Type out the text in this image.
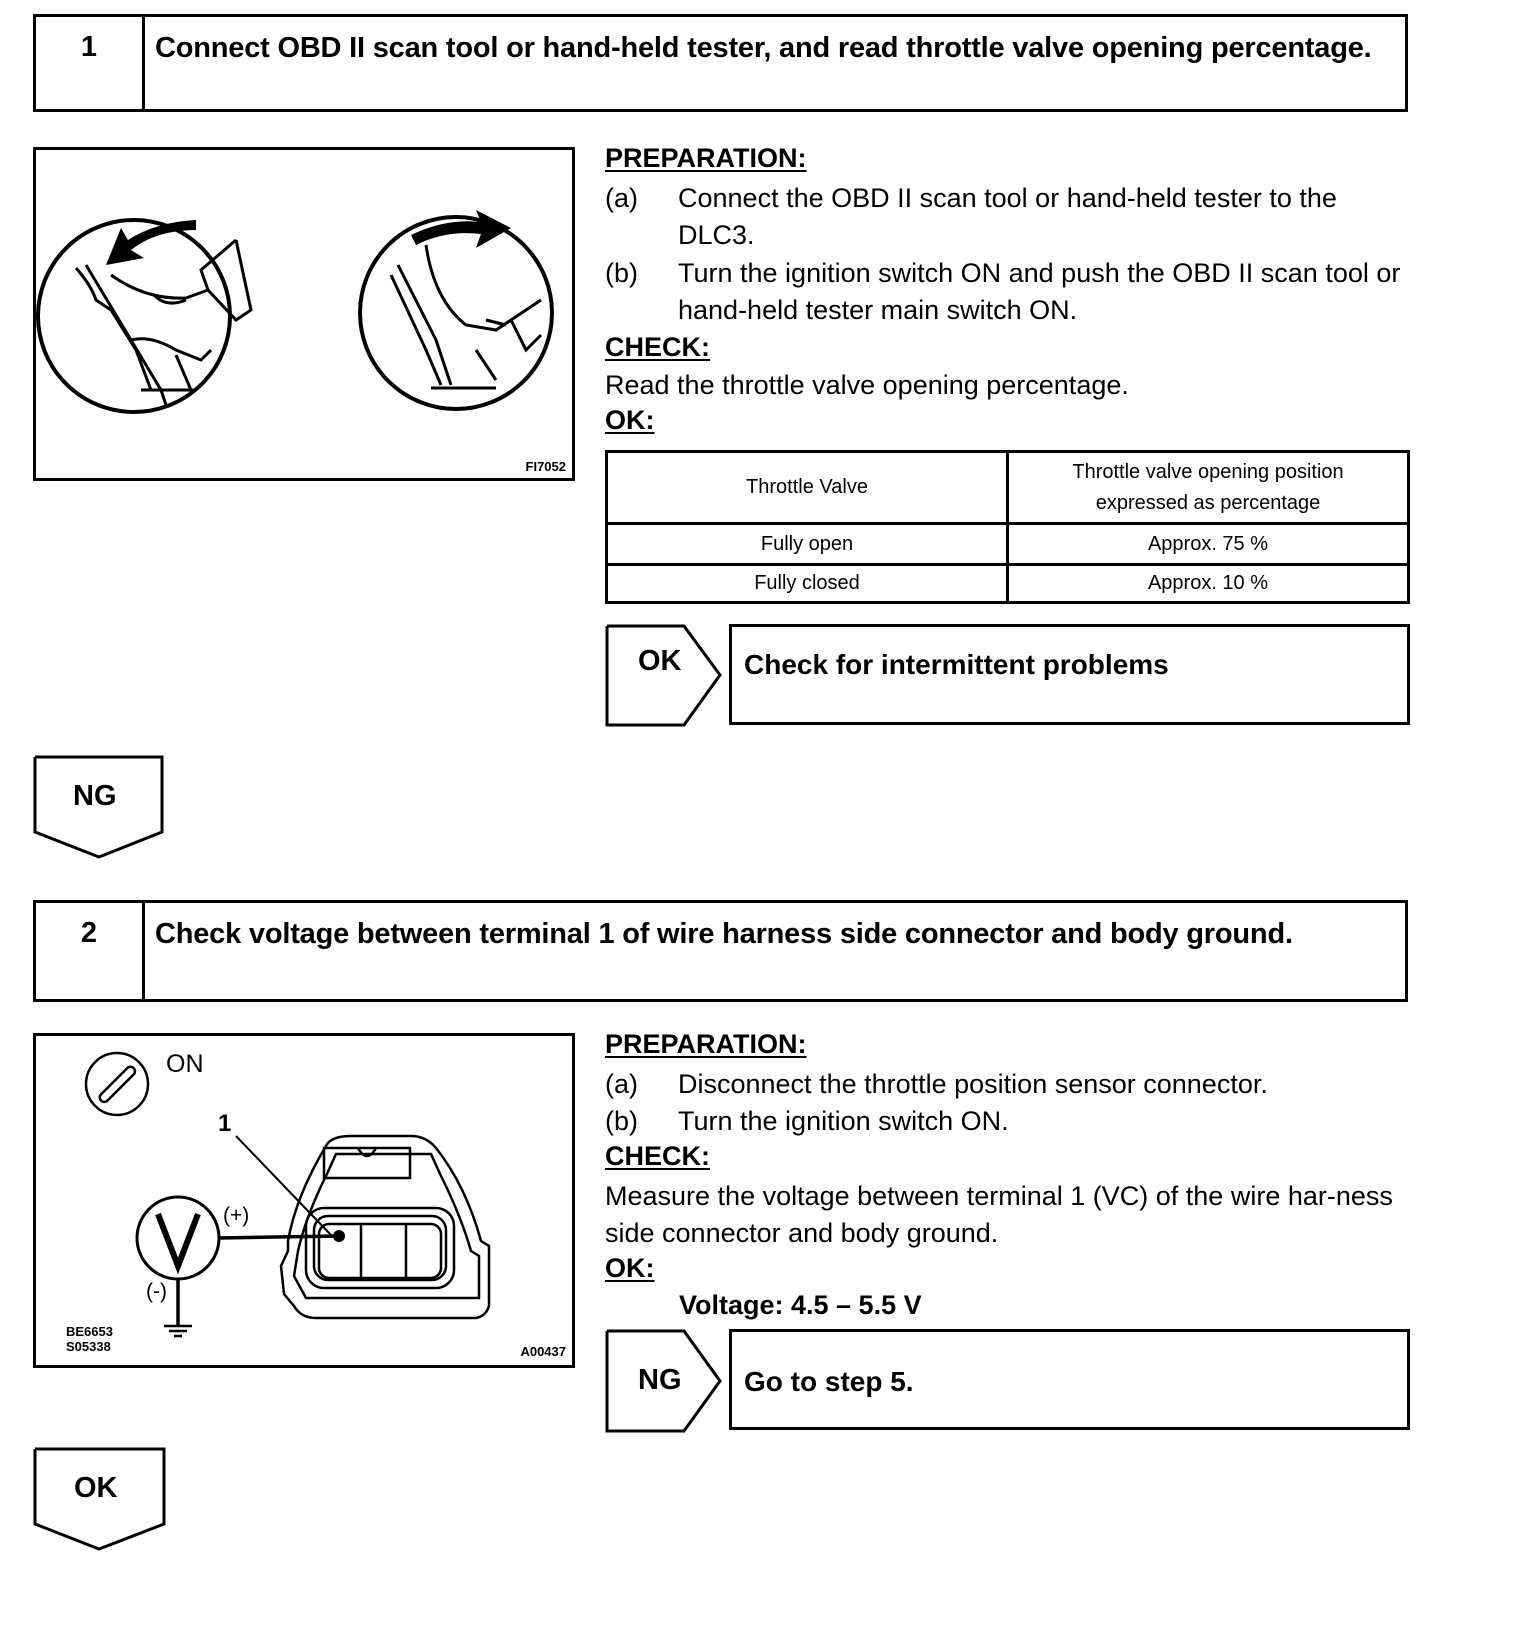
1	Connect OBD II scan tool or hand-held tester, and read throttle valve opening percentage.
FI7052
PREPARATION:
(a) Connect the OBD II scan tool or hand-held tester to the DLC3.
(b) Turn the ignition switch ON and push the OBD II scan tool or hand-held tester main switch ON.
CHECK:
Read the throttle valve opening percentage.
OK:
Throttle Valve	Throttle valve opening position expressed as percentage
Fully open	Approx. 75 %
Fully closed	Approx. 10 %
OK	Check for intermittent problems
NG
2	Check voltage between terminal 1 of wire harness side connector and body ground.
ON
1
(+)
(-)
BE6653
S05338	A00437
PREPARATION:
(a) Disconnect the throttle position sensor connector.
(b) Turn the ignition switch ON.
CHECK:
Measure the voltage between terminal 1 (VC) of the wire har-ness side connector and body ground.
OK:
Voltage: 4.5 – 5.5 V
NG	Go to step 5.
OK
